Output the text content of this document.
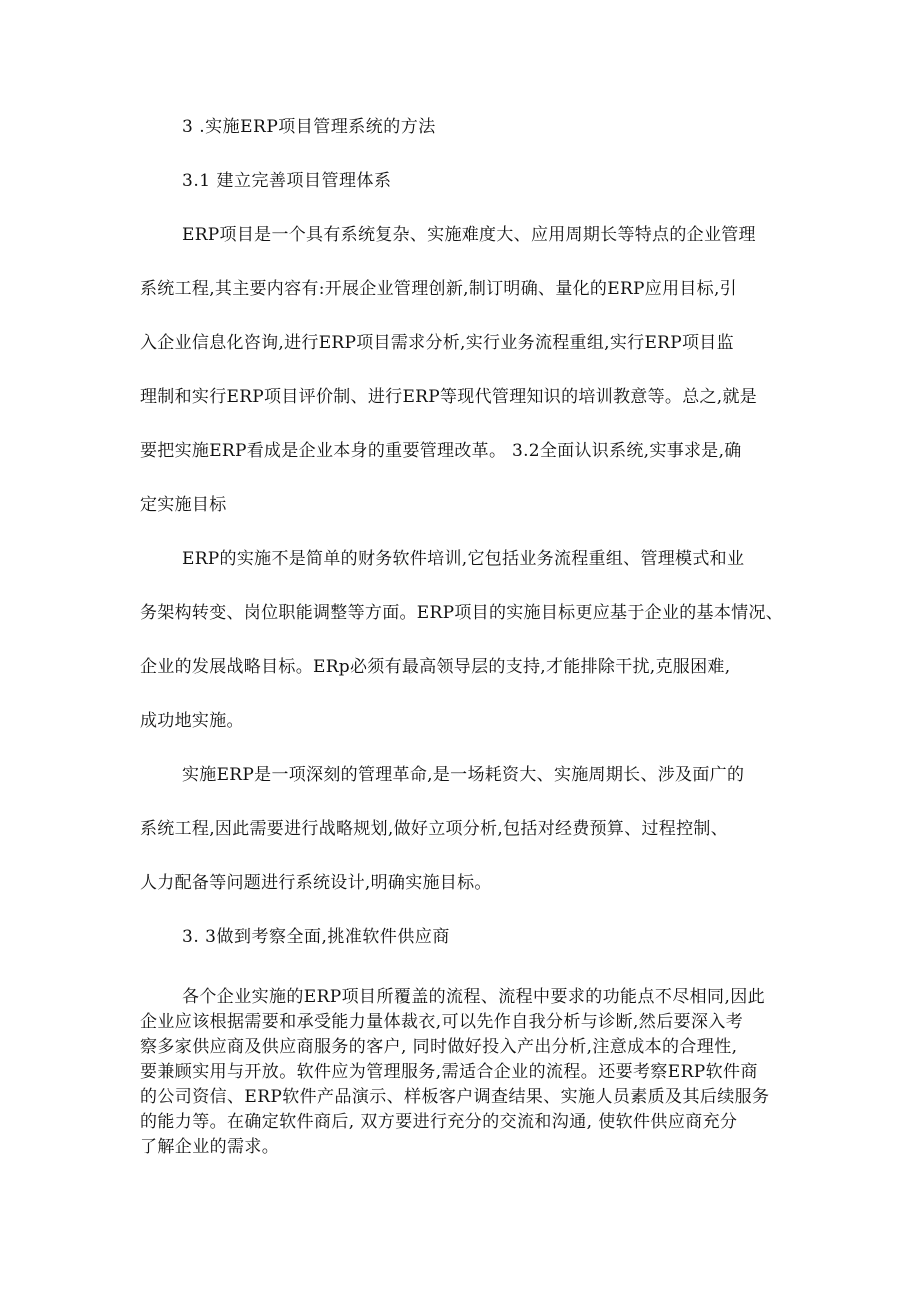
3 .实施ERP项目管理系统的方法
3.1 建立完善项目管理体系
ERP项目是一个具有系统复杂、实施难度大、应用周期长等特点的企业管理
系统工程,其主要内容有:开展企业管理创新,制订明确、量化的ERP应用目标,引
入企业信息化咨询,进行ERP项目需求分析,实行业务流程重组,实行ERP项目监
理制和实行ERP项目评价制、进行ERP等现代管理知识的培训教意等。总之,就是
要把实施ERP看成是企业本身的重要管理改革。 3.2全面认识系统,实事求是,确
定实施目标
ERP的实施不是简单的财务软件培训,它包括业务流程重组、管理模式和业
务架构转变、岗位职能调整等方面。ERP项目的实施目标更应基于企业的基本情况、
企业的发展战略目标。ERp必须有最高领导层的支持,才能排除干扰,克服困难,
成功地实施。
实施ERP是一项深刻的管理革命,是一场耗资大、实施周期长、涉及面广的
系统工程,因此需要进行战略规划,做好立项分析,包括对经费预算、过程控制、
人力配备等问题进行系统设计,明确实施目标。
3. 3做到考察全面,挑准软件供应商
各个企业实施的ERP项目所覆盖的流程、流程中要求的功能点不尽相同,因此
企业应该根据需要和承受能力量体裁衣,可以先作自我分析与诊断,然后要深入考
察多家供应商及供应商服务的客户, 同时做好投入产出分析,注意成本的合理性,
要兼顾实用与开放。软件应为管理服务,需适合企业的流程。还要考察ERP软件商
的公司资信、ERP软件产品演示、样板客户调查结果、实施人员素质及其后续服务
的能力等。在确定软件商后, 双方要进行充分的交流和沟通, 使软件供应商充分
了解企业的需求。
